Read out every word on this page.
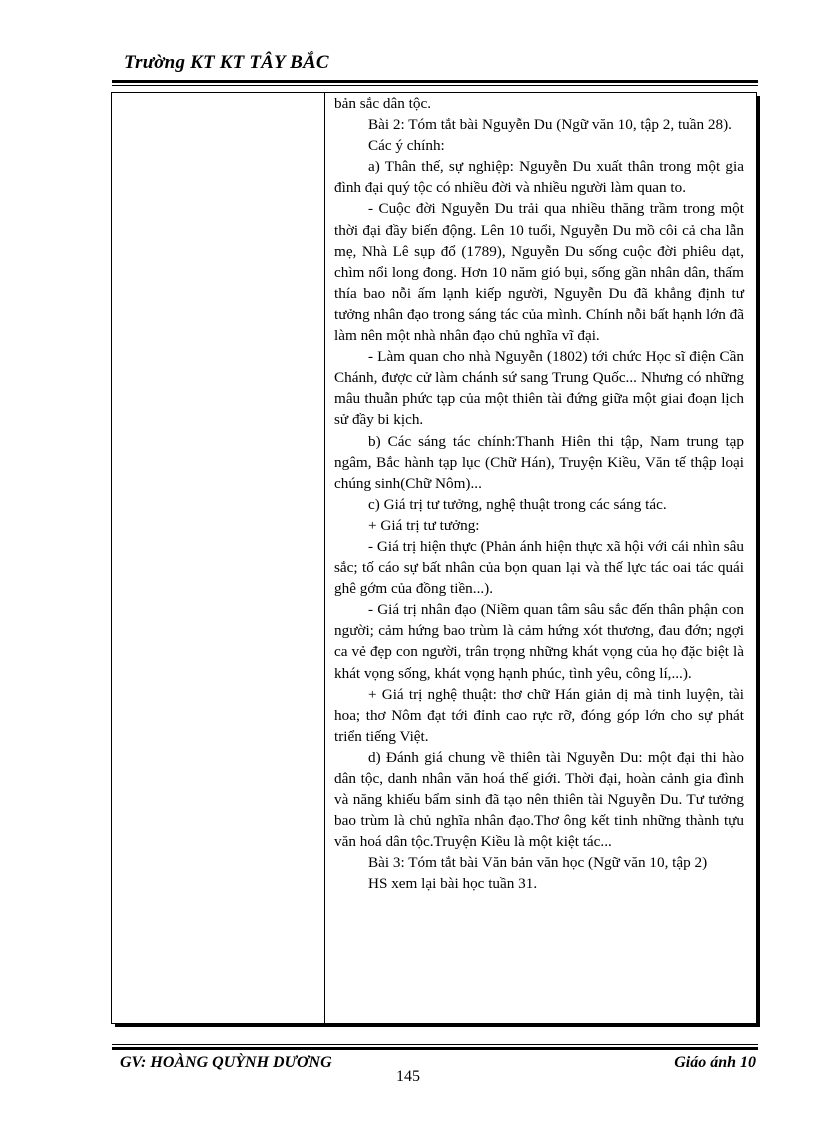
Trường KT KT TÂY BẮC

bản sắc dân tộc.

Bài 2: Tóm tắt bài Nguyễn Du (Ngữ văn 10, tập 2, tuần 28).

Các ý chính:

a) Thân thế, sự nghiệp: Nguyễn Du xuất thân trong một gia đình đại quý tộc có nhiều đời và nhiều người làm quan to.

- Cuộc đời Nguyễn Du trải qua nhiều thăng trầm trong một thời đại đầy biến động. Lên 10 tuổi, Nguyễn Du mồ côi cả cha lẫn mẹ, Nhà Lê sụp đổ (1789), Nguyễn Du sống cuộc đời phiêu dạt, chìm nổi long đong. Hơn 10 năm gió bụi, sống gần nhân dân, thấm thía bao nỗi ấm lạnh kiếp người, Nguyễn Du đã khẳng định tư tưởng nhân đạo trong sáng tác của mình. Chính nỗi bất hạnh lớn đã làm nên một nhà nhân đạo chủ nghĩa vĩ đại.

- Làm quan cho nhà Nguyễn (1802) tới chức Học sĩ điện Cần Chánh, được cử làm chánh sứ sang Trung Quốc... Nhưng có những mâu thuẫn phức tạp của một thiên tài đứng giữa một giai đoạn lịch sử đầy bi kịch.

b) Các sáng tác chính:Thanh Hiên thi tập, Nam trung tạp ngâm, Bắc hành tạp lục (Chữ Hán), Truyện Kiều, Văn tế thập loại chúng sinh(Chữ Nôm)...

c) Giá trị tư tưởng, nghệ thuật trong các sáng tác.

+ Giá trị tư tưởng:

- Giá trị hiện thực (Phản ánh hiện thực xã hội với cái nhìn sâu sắc; tố cáo sự bất nhân của bọn quan lại và thế lực tác oai tác quái ghê gớm của đồng tiền...).

- Giá trị nhân đạo (Niềm quan tâm sâu sắc đến thân phận con người; cảm hứng bao trùm là cảm hứng xót thương, đau đớn; ngợi ca vẻ đẹp con người, trân trọng những khát vọng của họ đặc biệt là khát vọng sống, khát vọng hạnh phúc, tình yêu, công lí,...).

+ Giá trị nghệ thuật: thơ chữ Hán giản dị mà tinh luyện, tài hoa; thơ Nôm đạt tới đỉnh cao rực rỡ, đóng góp lớn cho sự phát triển tiếng Việt.

d) Đánh giá chung về thiên tài Nguyễn Du: một đại thi hào dân tộc, danh nhân văn hoá thế giới. Thời đại, hoàn cảnh gia đình và năng khiếu bẩm sinh đã tạo nên thiên tài Nguyễn Du. Tư tưởng bao trùm là chủ nghĩa nhân đạo.Thơ ông kết tinh những thành tựu văn hoá dân tộc.Truyện Kiều là một kiệt tác...

Bài 3: Tóm tắt bài Văn bản văn học (Ngữ văn 10, tập 2)

HS xem lại bài học tuần 31.

GV: HOÀNG QUỲNH DƯƠNG	Giáo ánh 10
145
